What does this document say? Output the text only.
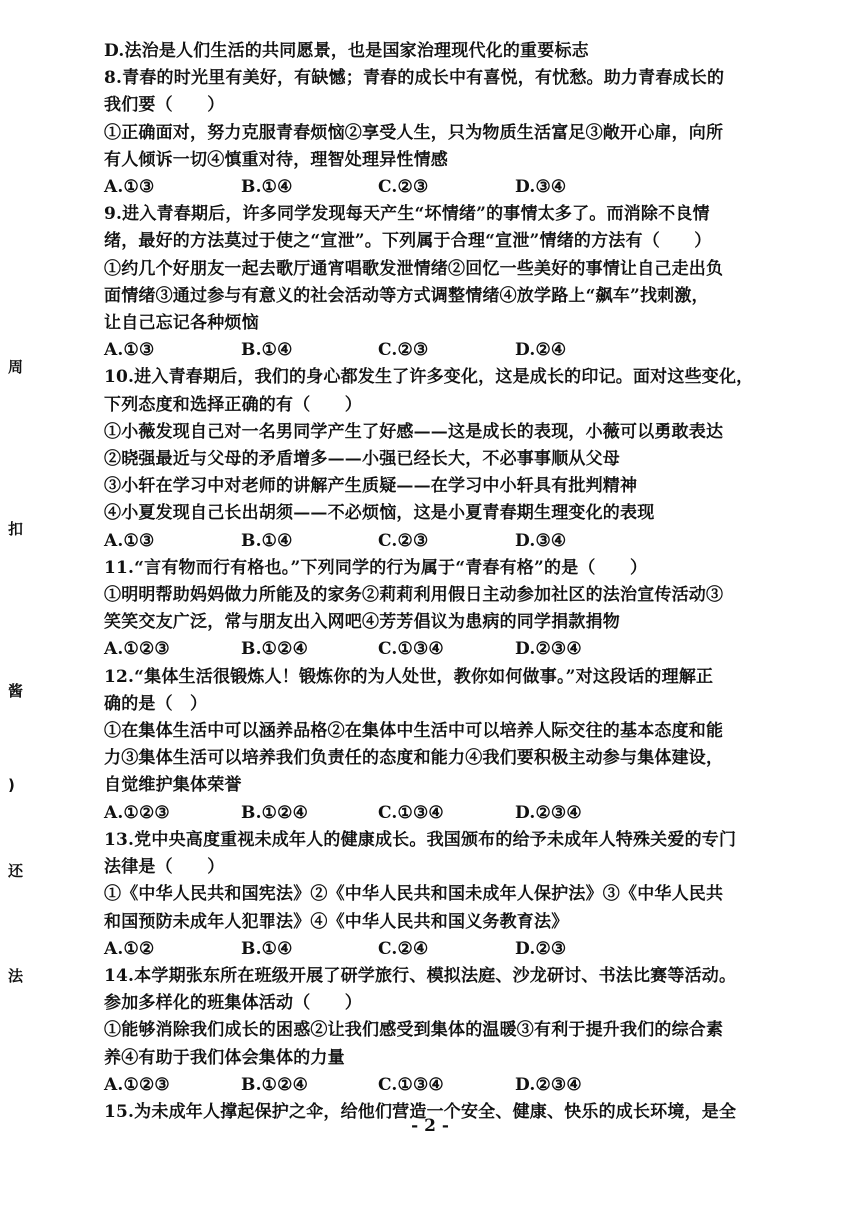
D.法治是人们生活的共同愿景，也是国家治理现代化的重要标志
8.青春的时光里有美好，有缺憾；青春的成长中有喜悦，有忧愁。助力青春成长的
我们要（　　）
①正确面对，努力克服青春烦恼②享受人生，只为物质生活富足③敞开心扉，向所
有人倾诉一切④慎重对待，理智处理异性情感
A.①③	B.①④	C.②③	D.③④
9.进入青春期后，许多同学发现每天产生“坏情绪”的事情太多了。而消除不良情
绪，最好的方法莫过于使之“宣泄”。下列属于合理“宣泄”情绪的方法有（　　）
①约几个好朋友一起去歌厅通宵唱歌发泄情绪②回忆一些美好的事情让自己走出负
面情绪③通过参与有意义的社会活动等方式调整情绪④放学路上“飙车”找刺激，
让自己忘记各种烦恼
A.①③	B.①④	C.②③	D.②④
10.进入青春期后，我们的身心都发生了许多变化，这是成长的印记。面对这些变化，
下列态度和选择正确的有（　　）
①小薇发现自己对一名男同学产生了好感——这是成长的表现，小薇可以勇敢表达
②晓强最近与父母的矛盾增多——小强已经长大，不必事事顺从父母
③小轩在学习中对老师的讲解产生质疑——在学习中小轩具有批判精神
④小夏发现自己长出胡须——不必烦恼，这是小夏青春期生理变化的表现
A.①③	B.①④	C.②③	D.③④
11.“言有物而行有格也。”下列同学的行为属于“青春有格”的是（　　）
①明明帮助妈妈做力所能及的家务②莉莉利用假日主动参加社区的法治宣传活动③
笑笑交友广泛，常与朋友出入网吧④芳芳倡议为患病的同学捐款捐物
A.①②③	B.①②④	C.①③④	D.②③④
12.“集体生活很锻炼人！锻炼你的为人处世，教你如何做事。”对这段话的理解正
确的是（　）
①在集体生活中可以涵养品格②在集体中生活中可以培养人际交往的基本态度和能
力③集体生活可以培养我们负责任的态度和能力④我们要积极主动参与集体建设，
自觉维护集体荣誉
A.①②③	B.①②④	C.①③④	D.②③④
13.党中央高度重视未成年人的健康成长。我国颁布的给予未成年人特殊关爱的专门
法律是（　　）
①《中华人民共和国宪法》②《中华人民共和国未成年人保护法》③《中华人民共
和国预防未成年人犯罪法》④《中华人民共和国义务教育法》
A.①②	B.①④	C.②④	D.②③
14.本学期张东所在班级开展了研学旅行、模拟法庭、沙龙研讨、书法比赛等活动。
参加多样化的班集体活动（　　）
①能够消除我们成长的困惑②让我们感受到集体的温暖③有利于提升我们的综合素
养④有助于我们体会集体的力量
A.①②③	B.①②④	C.①③④	D.②③④
15.为未成年人撑起保护之伞，给他们营造一个安全、健康、快乐的成长环境，是全
周
扣
酱
)
还
法
- 2 -
